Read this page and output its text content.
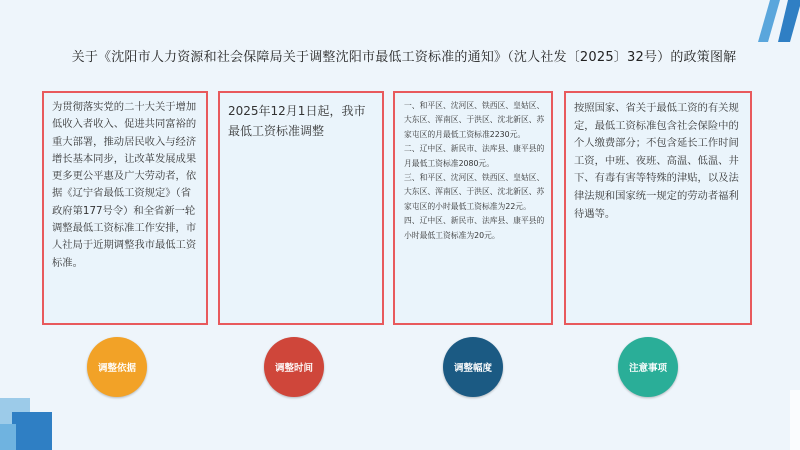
关于《沈阳市人力资源和社会保障局关于调整沈阳市最低工资标准的通知》（沈人社发〔2025〕32号）的政策图解
为贯彻落实党的二十大关于增加低收入者收入、促进共同富裕的重大部署，推动居民收入与经济增长基本同步，让改革发展成果更多更公平惠及广大劳动者，依据《辽宁省最低工资规定》（省政府第177号令）和全省新一轮调整最低工资标准工作安排，市人社局于近期调整我市最低工资标准。
2025年12月1日起，我市最低工资标准调整
一、和平区、沈河区、铁西区、皇姑区、大东区、浑南区、于洪区、沈北新区、苏家屯区的月最低工资标准2230元。
二、辽中区、新民市、法库县、康平县的月最低工资标准2080元。
三、和平区、沈河区、铁西区、皇姑区、大东区、浑南区、于洪区、沈北新区、苏家屯区的小时最低工资标准为22元。
四、辽中区、新民市、法库县、康平县的小时最低工资标准为20元。
按照国家、省关于最低工资的有关规定，最低工资标准包含社会保险中的个人缴费部分；不包含延长工作时间工资，中班、夜班、高温、低温、井下、有毒有害等特殊的津贴，以及法律法规和国家统一规定的劳动者福利待遇等。
调整依据	调整时间	调整幅度	注意事项
